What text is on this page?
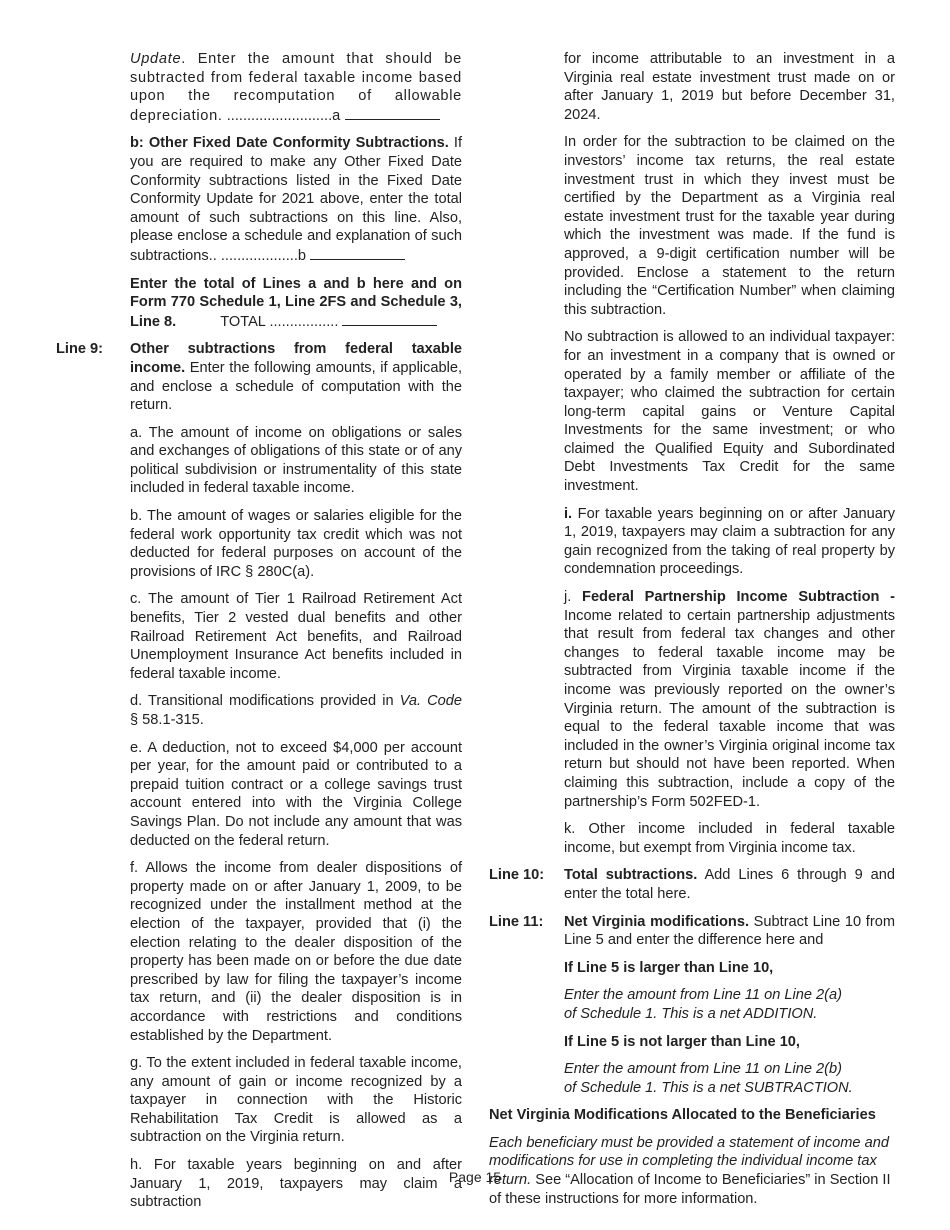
Update. Enter the amount that should be subtracted from federal taxable income based upon the recomputation of allowable depreciation. ..........................a

b: Other Fixed Date Conformity Subtractions. If you are required to make any Other Fixed Date Conformity subtractions listed in the Fixed Date Conformity Update for 2021 above, enter the total amount of such subtractions on this line. Also, please enclose a schedule and explanation of such subtractions.. ...................b

Enter the total of Lines a and b here and on Form 770 Schedule 1, Line 2FS and Schedule 3, Line 8.	TOTAL .................

Line 9: Other subtractions from federal taxable income. Enter the following amounts, if applicable, and enclose a schedule of computation with the return.

a. The amount of income on obligations or sales and exchanges of obligations of this state or of any political subdivision or instrumentality of this state included in federal taxable income.

b. The amount of wages or salaries eligible for the federal work opportunity tax credit which was not deducted for federal purposes on account of the provisions of IRC § 280C(a).

c. The amount of Tier 1 Railroad Retirement Act benefits, Tier 2 vested dual benefits and other Railroad Retirement Act benefits, and Railroad Unemployment Insurance Act benefits included in federal taxable income.

d. Transitional modifications provided in Va. Code § 58.1-315.

e. A deduction, not to exceed $4,000 per account per year, for the amount paid or contributed to a prepaid tuition contract or a college savings trust account entered into with the Virginia College Savings Plan. Do not include any amount that was deducted on the federal return.

f. Allows the income from dealer dispositions of property made on or after January 1, 2009, to be recognized under the installment method at the election of the taxpayer, provided that (i) the election relating to the dealer disposition of the property has been made on or before the due date prescribed by law for filing the taxpayer’s income tax return, and (ii) the dealer disposition is in accordance with restrictions and conditions established by the Department.

g. To the extent included in federal taxable income, any amount of gain or income recognized by a taxpayer in connection with the Historic Rehabilitation Tax Credit is allowed as a subtraction on the Virginia return.

h. For taxable years beginning on and after January 1, 2019, taxpayers may claim a subtraction

for income attributable to an investment in a Virginia real estate investment trust made on or after January 1, 2019 but before December 31, 2024.

In order for the subtraction to be claimed on the investors’ income tax returns, the real estate investment trust in which they invest must be certified by the Department as a Virginia real estate investment trust for the taxable year during which the investment was made. If the fund is approved, a 9-digit certification number will be provided. Enclose a statement to the return including the “Certification Number” when claiming this subtraction.

No subtraction is allowed to an individual taxpayer: for an investment in a company that is owned or operated by a family member or affiliate of the taxpayer; who claimed the subtraction for certain long-term capital gains or Venture Capital Investments for the same investment; or who claimed the Qualified Equity and Subordinated Debt Investments Tax Credit for the same investment.

i. For taxable years beginning on or after January 1, 2019, taxpayers may claim a subtraction for any gain recognized from the taking of real property by condemnation proceedings.

j. Federal Partnership Income Subtraction - Income related to certain partnership adjustments that result from federal tax changes and other changes to federal taxable income may be subtracted from Virginia taxable income if the income was previously reported on the owner’s Virginia return. The amount of the subtraction is equal to the federal taxable income that was included in the owner’s Virginia original income tax return but should not have been reported. When claiming this subtraction, include a copy of the partnership’s Form 502FED-1.

k. Other income included in federal taxable income, but exempt from Virginia income tax.

Line 10: Total subtractions. Add Lines 6 through 9 and enter the total here.

Line 11: Net Virginia modifications. Subtract Line 10 from Line 5 and enter the difference here and

If Line 5 is larger than Line 10,

Enter the amount from Line 11 on Line 2(a)
of Schedule 1. This is a net ADDITION.

If Line 5 is not larger than Line 10,

Enter the amount from Line 11 on Line 2(b)
of Schedule 1. This is a net SUBTRACTION.

Net Virginia Modifications Allocated to the Beneficiaries

Each beneficiary must be provided a statement of income and modifications for use in completing the individual income tax return. See “Allocation of Income to Beneficiaries” in Section II of these instructions for more information.

Page 15
